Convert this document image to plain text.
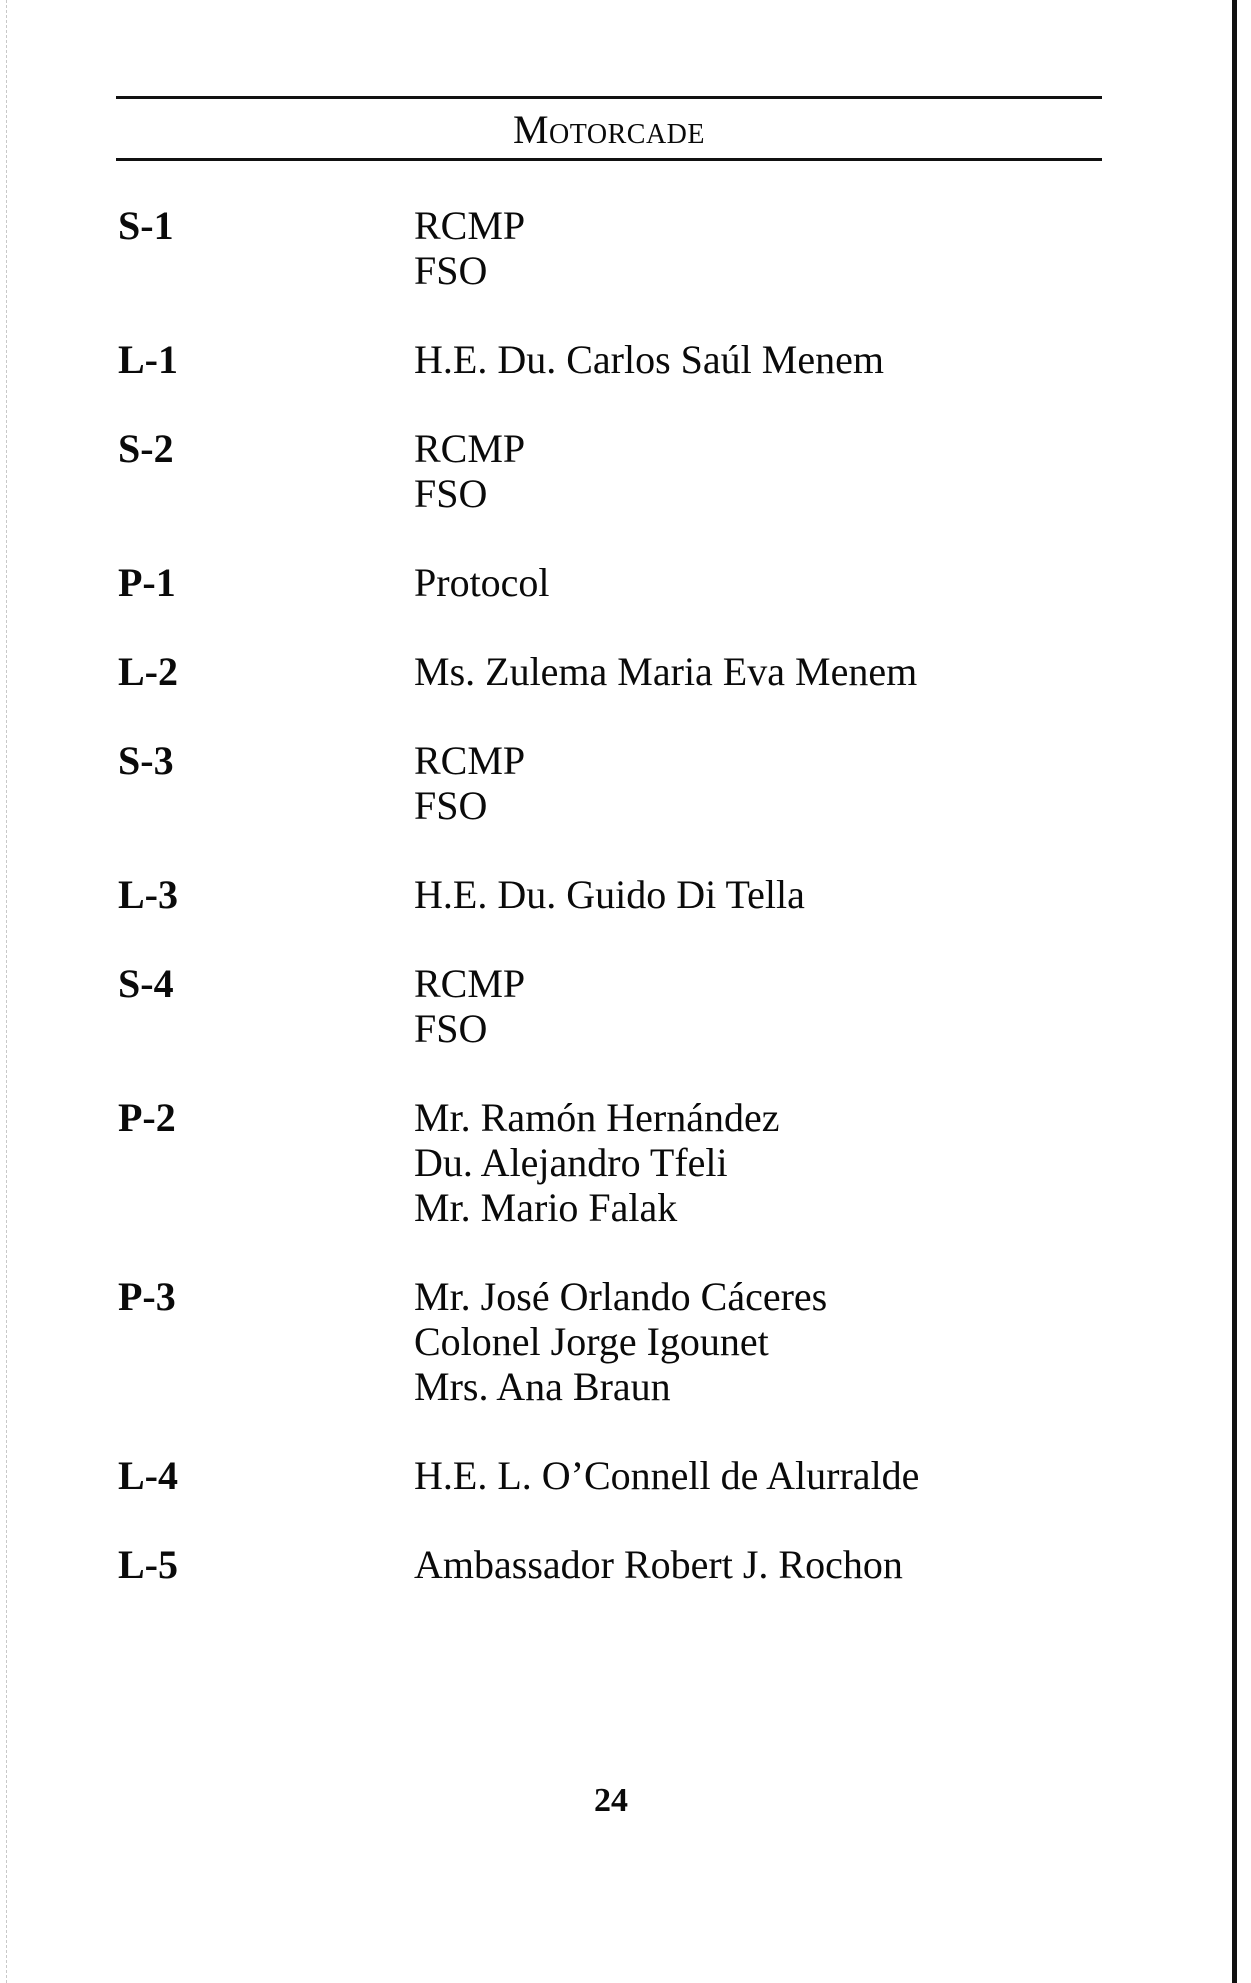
Motorcade
S-1	RCMP
FSO
L-1	H.E. Du. Carlos Saúl Menem
S-2	RCMP
FSO
P-1	Protocol
L-2	Ms. Zulema Maria Eva Menem
S-3	RCMP
FSO
L-3	H.E. Du. Guido Di Tella
S-4	RCMP
FSO
P-2	Mr. Ramón Hernández
Du. Alejandro Tfeli
Mr. Mario Falak
P-3	Mr. José Orlando Cáceres
Colonel Jorge Igounet
Mrs. Ana Braun
L-4	H.E. L. O’Connell de Alurralde
L-5	Ambassador Robert J. Rochon
24
